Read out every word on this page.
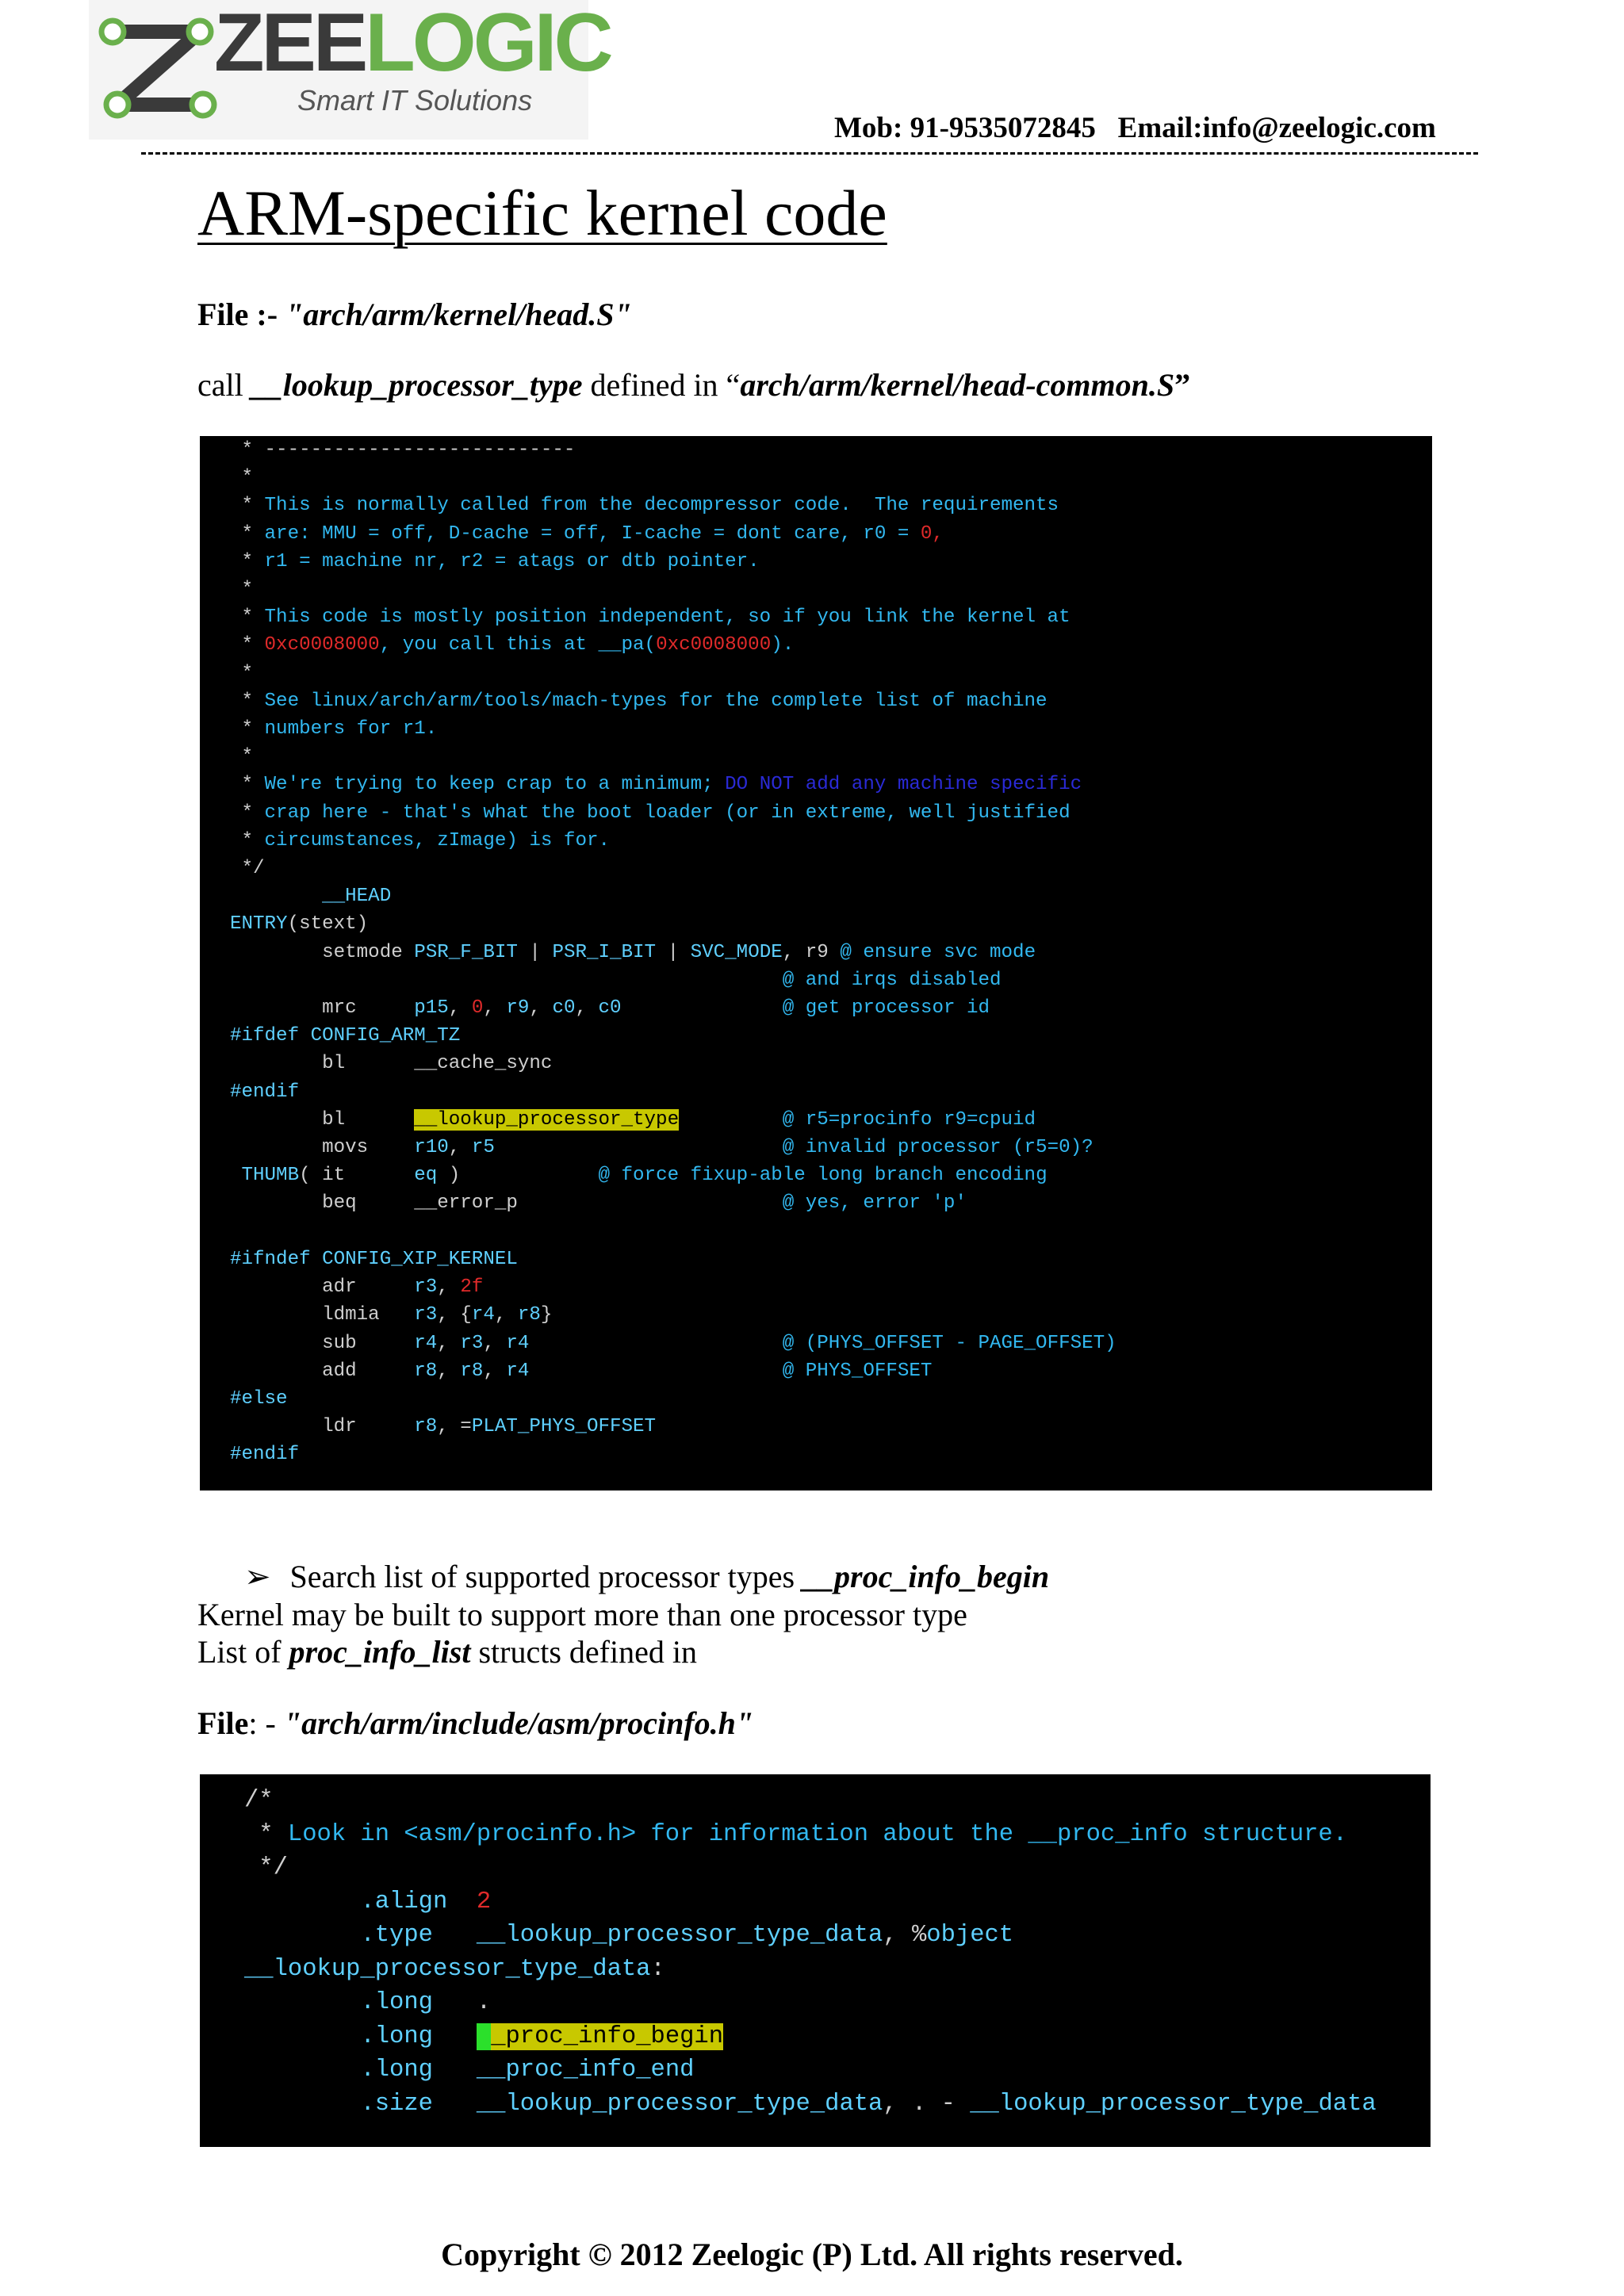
ZEELOGIC
Smart IT Solutions
Mob: 91-9535072845   Email:info@zeelogic.com
ARM-specific kernel code
File :- "arch/arm/kernel/head.S"
call __lookup_processor_type defined in “arch/arm/kernel/head-common.S”
* ---------------------------
*
* This is normally called from the decompressor code.  The requirements
* are: MMU = off, D-cache = off, I-cache = dont care, r0 = 0,
* r1 = machine nr, r2 = atags or dtb pointer.
*
* This code is mostly position independent, so if you link the kernel at
* 0xc0008000, you call this at __pa(0xc0008000).
*
* See linux/arch/arm/tools/mach-types for the complete list of machine
* numbers for r1.
*
* We're trying to keep crap to a minimum; DO NOT add any machine specific
* crap here - that's what the boot loader (or in extreme, well justified
* circumstances, zImage) is for.
*/
__HEAD
ENTRY(stext)
setmode PSR_F_BIT | PSR_I_BIT | SVC_MODE, r9 @ ensure svc mode
@ and irqs disabled
mrc     p15, 0, r9, c0, c0	@ get processor id
#ifdef CONFIG_ARM_TZ
bl      __cache_sync
#endif
bl      __lookup_processor_type	@ r5=procinfo r9=cpuid
movs    r10, r5	@ invalid processor (r5=0)?
THUMB( it      eq )            @ force fixup-able long branch encoding
beq     __error_p                       @ yes, error 'p'

#ifndef CONFIG_XIP_KERNEL
adr     r3, 2f
ldmia   r3, {r4, r8}
sub     r4, r3, r4	@ (PHYS_OFFSET - PAGE_OFFSET)
add     r8, r8, r4	@ PHYS_OFFSET
#else
ldr     r8, =PLAT_PHYS_OFFSET
#endif
➢ Search list of supported processor types __proc_info_begin
Kernel may be built to support more than one processor type
List of proc_info_list structs defined in
File: - "arch/arm/include/asm/procinfo.h"
/*
* Look in <asm/procinfo.h> for information about the __proc_info structure.
*/
.align 2
.type __lookup_processor_type_data, %object
__lookup_processor_type_data:
.long   .
.long _proc_info_begin
.long __proc_info_end
.size __lookup_processor_type_data, . - __lookup_processor_type_data
Copyright © 2012 Zeelogic (P) Ltd. All rights reserved.
